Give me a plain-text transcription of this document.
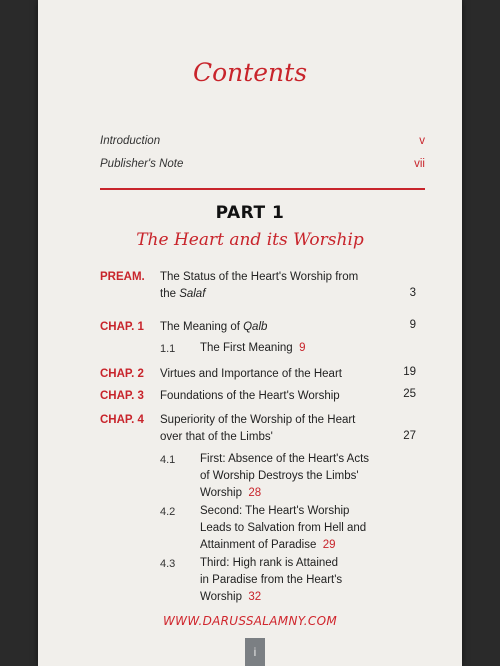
Contents
Introduction	v
Publisher's Note	vii
PART 1
The Heart and its Worship
PREAM. The Status of the Heart's Worship from
the Salaf	3
CHAP. 1 The Meaning of Qalb	9
1.1 The First Meaning 9
CHAP. 2 Virtues and Importance of the Heart	19
CHAP. 3 Foundations of the Heart's Worship	25
CHAP. 4 Superiority of the Worship of the Heart
over that of the Limbs'	27
4.1 First: Absence of the Heart's Acts
of Worship Destroys the Limbs'
Worship 28
4.2 Second: The Heart's Worship
Leads to Salvation from Hell and
Attainment of Paradise 29
4.3 Third: High rank is Attained
in Paradise from the Heart's
Worship 32
WWW.DARUSSALAMNY.COM
i
